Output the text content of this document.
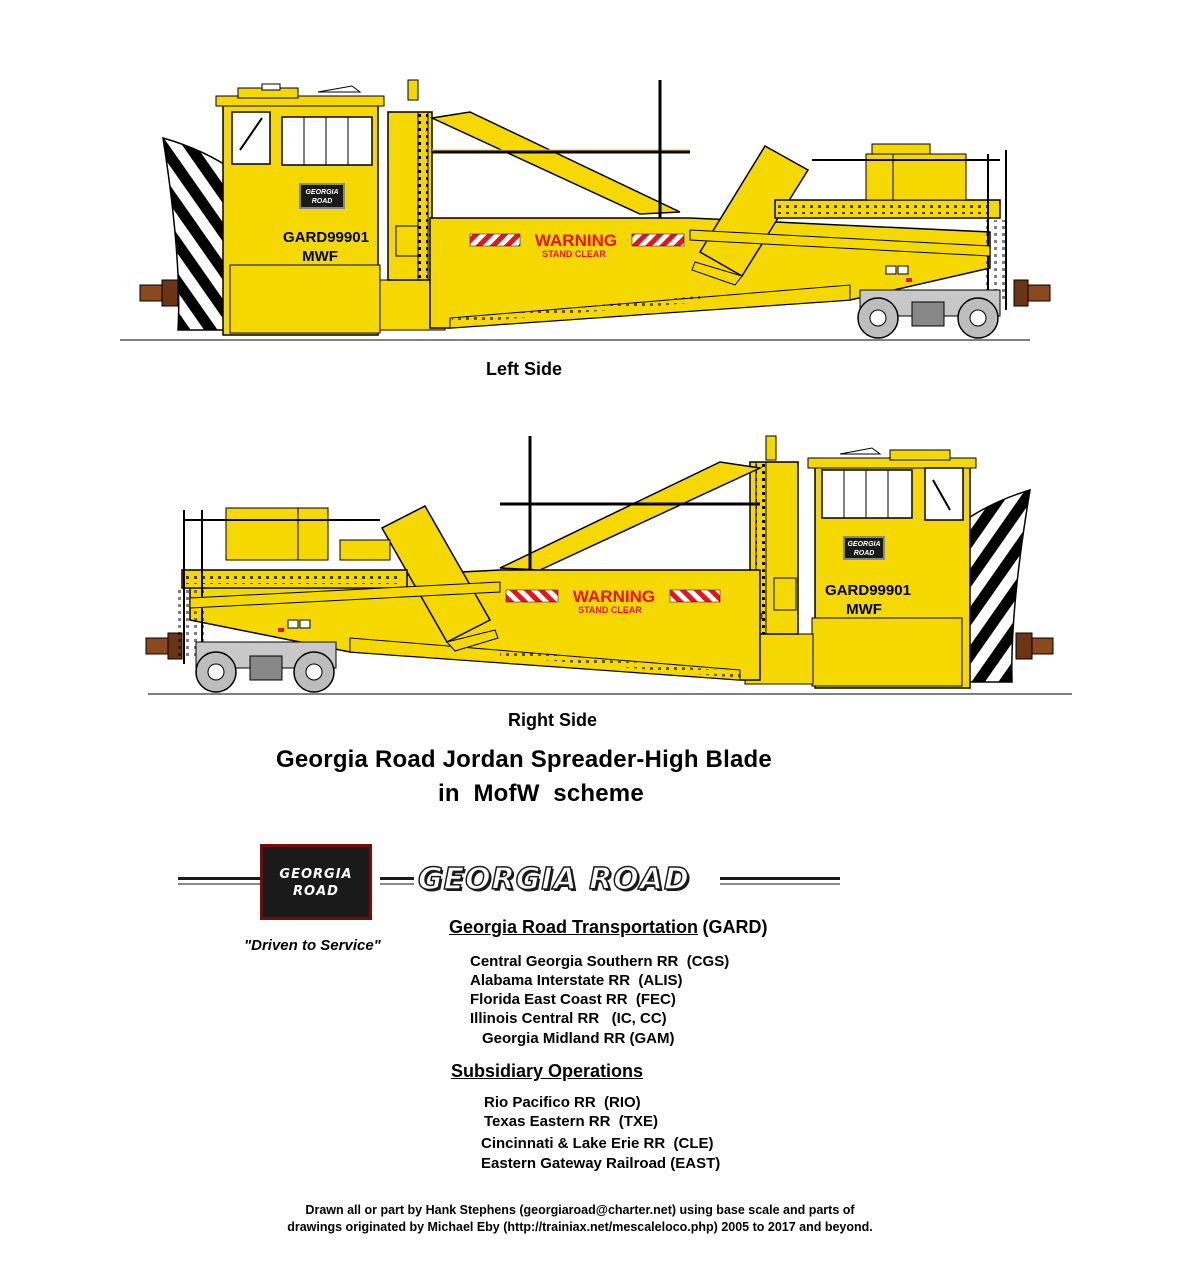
GEORGIA
ROAD
GARD99901
MWF
WARNING
STAND CLEAR
Left Side
GEORGIA
ROAD
GARD99901
MWF
WARNING
STAND CLEAR
Right Side
Georgia Road Jordan Spreader-High Blade
in  MofW  scheme
GEORGIA
ROAD	GEORGIA ROAD
"Driven to Service"
Georgia Road Transportation (GARD)
Central Georgia Southern RR  (CGS)
Alabama Interstate RR  (ALIS)
Florida East Coast RR  (FEC)
Illinois Central RR   (IC, CC)
Georgia Midland RR (GAM)
Subsidiary Operations
Rio Pacifico RR  (RIO)
Texas Eastern RR  (TXE)
Cincinnati & Lake Erie RR  (CLE)
Eastern Gateway Railroad (EAST)
Drawn all or part by Hank Stephens (georgiaroad@charter.net) using base scale and parts of
drawings originated by Michael Eby (http://trainiax.net/mescaleloco.php) 2005 to 2017 and beyond.
